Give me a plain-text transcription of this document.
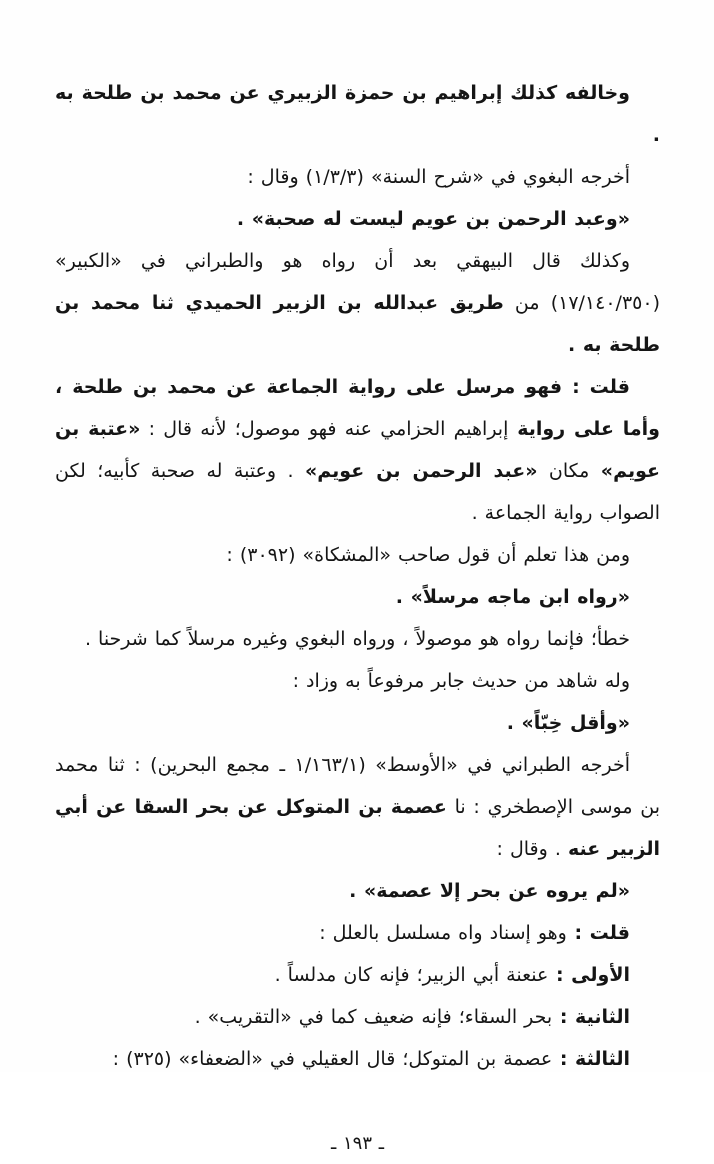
وخالفه كذلك إبراهيم بن حمزة الزبيري عن محمد بن طلحة به .

أخرجه البغوي في «شرح السنة» (١/٣/٣) وقال :

«وعبد الرحمن بن عويم ليست له صحبة» .

وكذلك قال البيهقي بعد أن رواه هو والطبراني في «الكبير» (١٧/١٤٠/٣٥٠) من طريق عبدالله بن الزبير الحميدي ثنا محمد بن طلحة به .

قلت : فهو مرسل على رواية الجماعة عن محمد بن طلحة ، وأما على رواية إبراهيم الحزامي عنه فهو موصول؛ لأنه قال : «عتبة بن عويم» مكان «عبد الرحمن بن عويم» . وعتبة له صحبة كأبيه؛ لكن الصواب رواية الجماعة .

ومن هذا تعلم أن قول صاحب «المشكاة» (٣٠٩٢) :

«رواه ابن ماجه مرسلاً» .

خطأ؛ فإنما رواه هو موصولاً ، ورواه البغوي وغيره مرسلاً كما شرحنا .

وله شاهد من حديث جابر مرفوعاً به وزاد :

«وأقل خِبّاً» .

أخرجه الطبراني في «الأوسط» (١/١٦٣/١ ـ مجمع البحرين) : ثنا محمد بن موسى الإصطخري : نا عصمة بن المتوكل عن بحر السقا عن أبي الزبير عنه . وقال :

«لم يروه عن بحر إلا عصمة» .

قلت : وهو إسناد واه مسلسل بالعلل :

الأولى : عنعنة أبي الزبير؛ فإنه كان مدلساً .

الثانية : بحر السقاء؛ فإنه ضعيف كما في «التقريب» .

الثالثة : عصمة بن المتوكل؛ قال العقيلي في «الضعفاء» (٣٢٥) :

ـ ١٩٣ ـ
